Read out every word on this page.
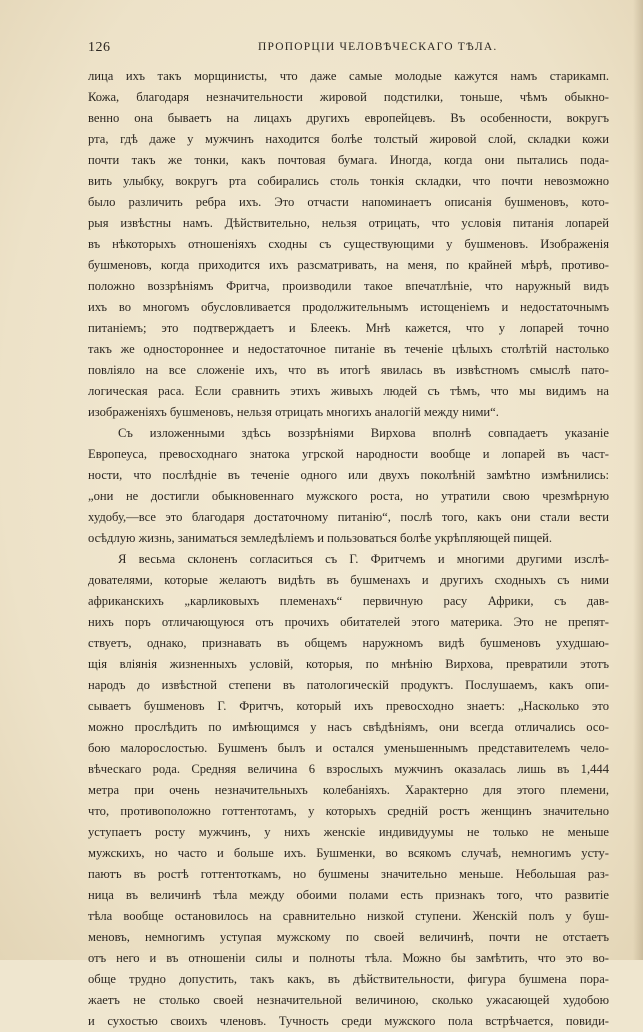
126	ПРОПОРЦІИ ЧЕЛОВѢЧЕСКАГО ТѢЛА.
лица ихъ такъ морщинисты, что даже самые молодые кажутся намъ старикамп.
Кожа, благодаря незначительности жировой подстилки, тоньше, чѣмъ обыкно-
венно она бываетъ на лицахъ другихъ европейцевъ. Въ особенности, вокругъ
рта, гдѣ даже у мужчинъ находится болѣе толстый жировой слой, складки кожи
почти такъ же тонки, какъ почтовая бумага. Иногда, когда они пытались пода-
вить улыбку, вокругъ рта собирались столь тонкія складки, что почти невозможно
было различить ребра ихъ. Это отчасти напоминаетъ описанія бушменовъ, кото-
рыя извѣстны намъ. Дѣйствительно, нельзя отрицать, что условія питанія лопарей
въ нѣкоторыхъ отношеніяхъ сходны съ существующими у бушменовъ. Изображенія
бушменовъ, когда приходится ихъ разсматривать, на меня, по крайней мѣрѣ, противо-
положно воззрѣніямъ Фритча, производили такое впечатлѣніе, что наружный видъ
ихъ во многомъ обусловливается продолжительнымъ истощеніемъ и недостаточнымъ
питаніемъ; это подтверждаетъ и Блеекъ. Мнѣ кажется, что у лопарей точно
такъ же одностороннее и недостаточное питаніе въ теченіе цѣлыхъ столѣтій настолько
повліяло на все сложеніе ихъ, что въ итогѣ явилась въ извѣстномъ смыслѣ пато-
логическая раса. Если сравнить этихъ живыхъ людей съ тѣмъ, что мы видимъ на
изображеніяхъ бушменовъ, нельзя отрицать многихъ аналогій между ними“.
Съ изложенными здѣсь воззрѣніями Вирхова вполнѣ совпадаетъ указаніе
Европеуса, превосходнаго знатока угрской народности вообще и лопарей въ част-
ности, что послѣдніе въ теченіе одного или двухъ поколѣній замѣтно измѣнились:
„они не достигли обыкновеннаго мужского роста, но утратили свою чрезмѣрную
худобу,—все это благодаря достаточному питанію“, послѣ того, какъ они стали вести
осѣдлую жизнь, заниматься земледѣліемъ и пользоваться болѣе укрѣпляющей пищей.
Я весьма склоненъ согласиться съ Г. Фритчемъ и многими другими изслѣ-
дователями, которые желаютъ видѣть въ бушменахъ и другихъ сходныхъ съ ними
африканскихъ „карликовыхъ племенахъ“ первичную расу Африки, съ дав-
нихъ поръ отличающуюся отъ прочихъ обитателей этого материка. Это не препят-
ствуетъ, однако, признавать въ общемъ наружномъ видѣ бушменовъ ухудшаю-
щія вліянія жизненныхъ условій, которыя, по мнѣнію Вирхова, превратили этотъ
народъ до извѣстной степени въ патологическій продуктъ. Послушаемъ, какъ опи-
сываетъ бушменовъ Г. Фритчъ, который ихъ превосходно знаетъ: „Насколько это
можно прослѣдить по имѣющимся у насъ свѣдѣніямъ, они всегда отличались осо-
бою малорослостью. Бушменъ былъ и остался уменьшеннымъ представителемъ чело-
вѣческаго рода. Средняя величина 6 взрослыхъ мужчинъ оказалась лишь въ 1,444
метра при очень незначительныхъ колебаніяхъ. Характерно для этого племени,
что, противоположно готтентотамъ, у которыхъ средній ростъ женщинъ значительно
уступаетъ росту мужчинъ, у нихъ женскіе индивидуумы не только не меньше
мужскихъ, но часто и больше ихъ. Бушменки, во всякомъ случаѣ, немногимъ усту-
паютъ въ ростѣ готтентоткамъ, но бушмены значительно меньше. Небольшая раз-
ница въ величинѣ тѣла между обоими полами есть признакъ того, что развитіе
тѣла вообще остановилось на сравнительно низкой ступени. Женскій полъ у буш-
меновъ, немногимъ уступая мужскому по своей величинѣ, почти не отстаетъ
отъ него и въ отношеніи силы и полноты тѣла. Можно бы замѣтить, что это во-
обще трудно допустить, такъ какъ, въ дѣйствительности, фигура бушмена пора-
жаетъ не столько своей незначительной величиною, сколько ужасающей худобою
и сухостью своихъ членовъ. Тучность среди мужского пола встрѣчается, повиди-
